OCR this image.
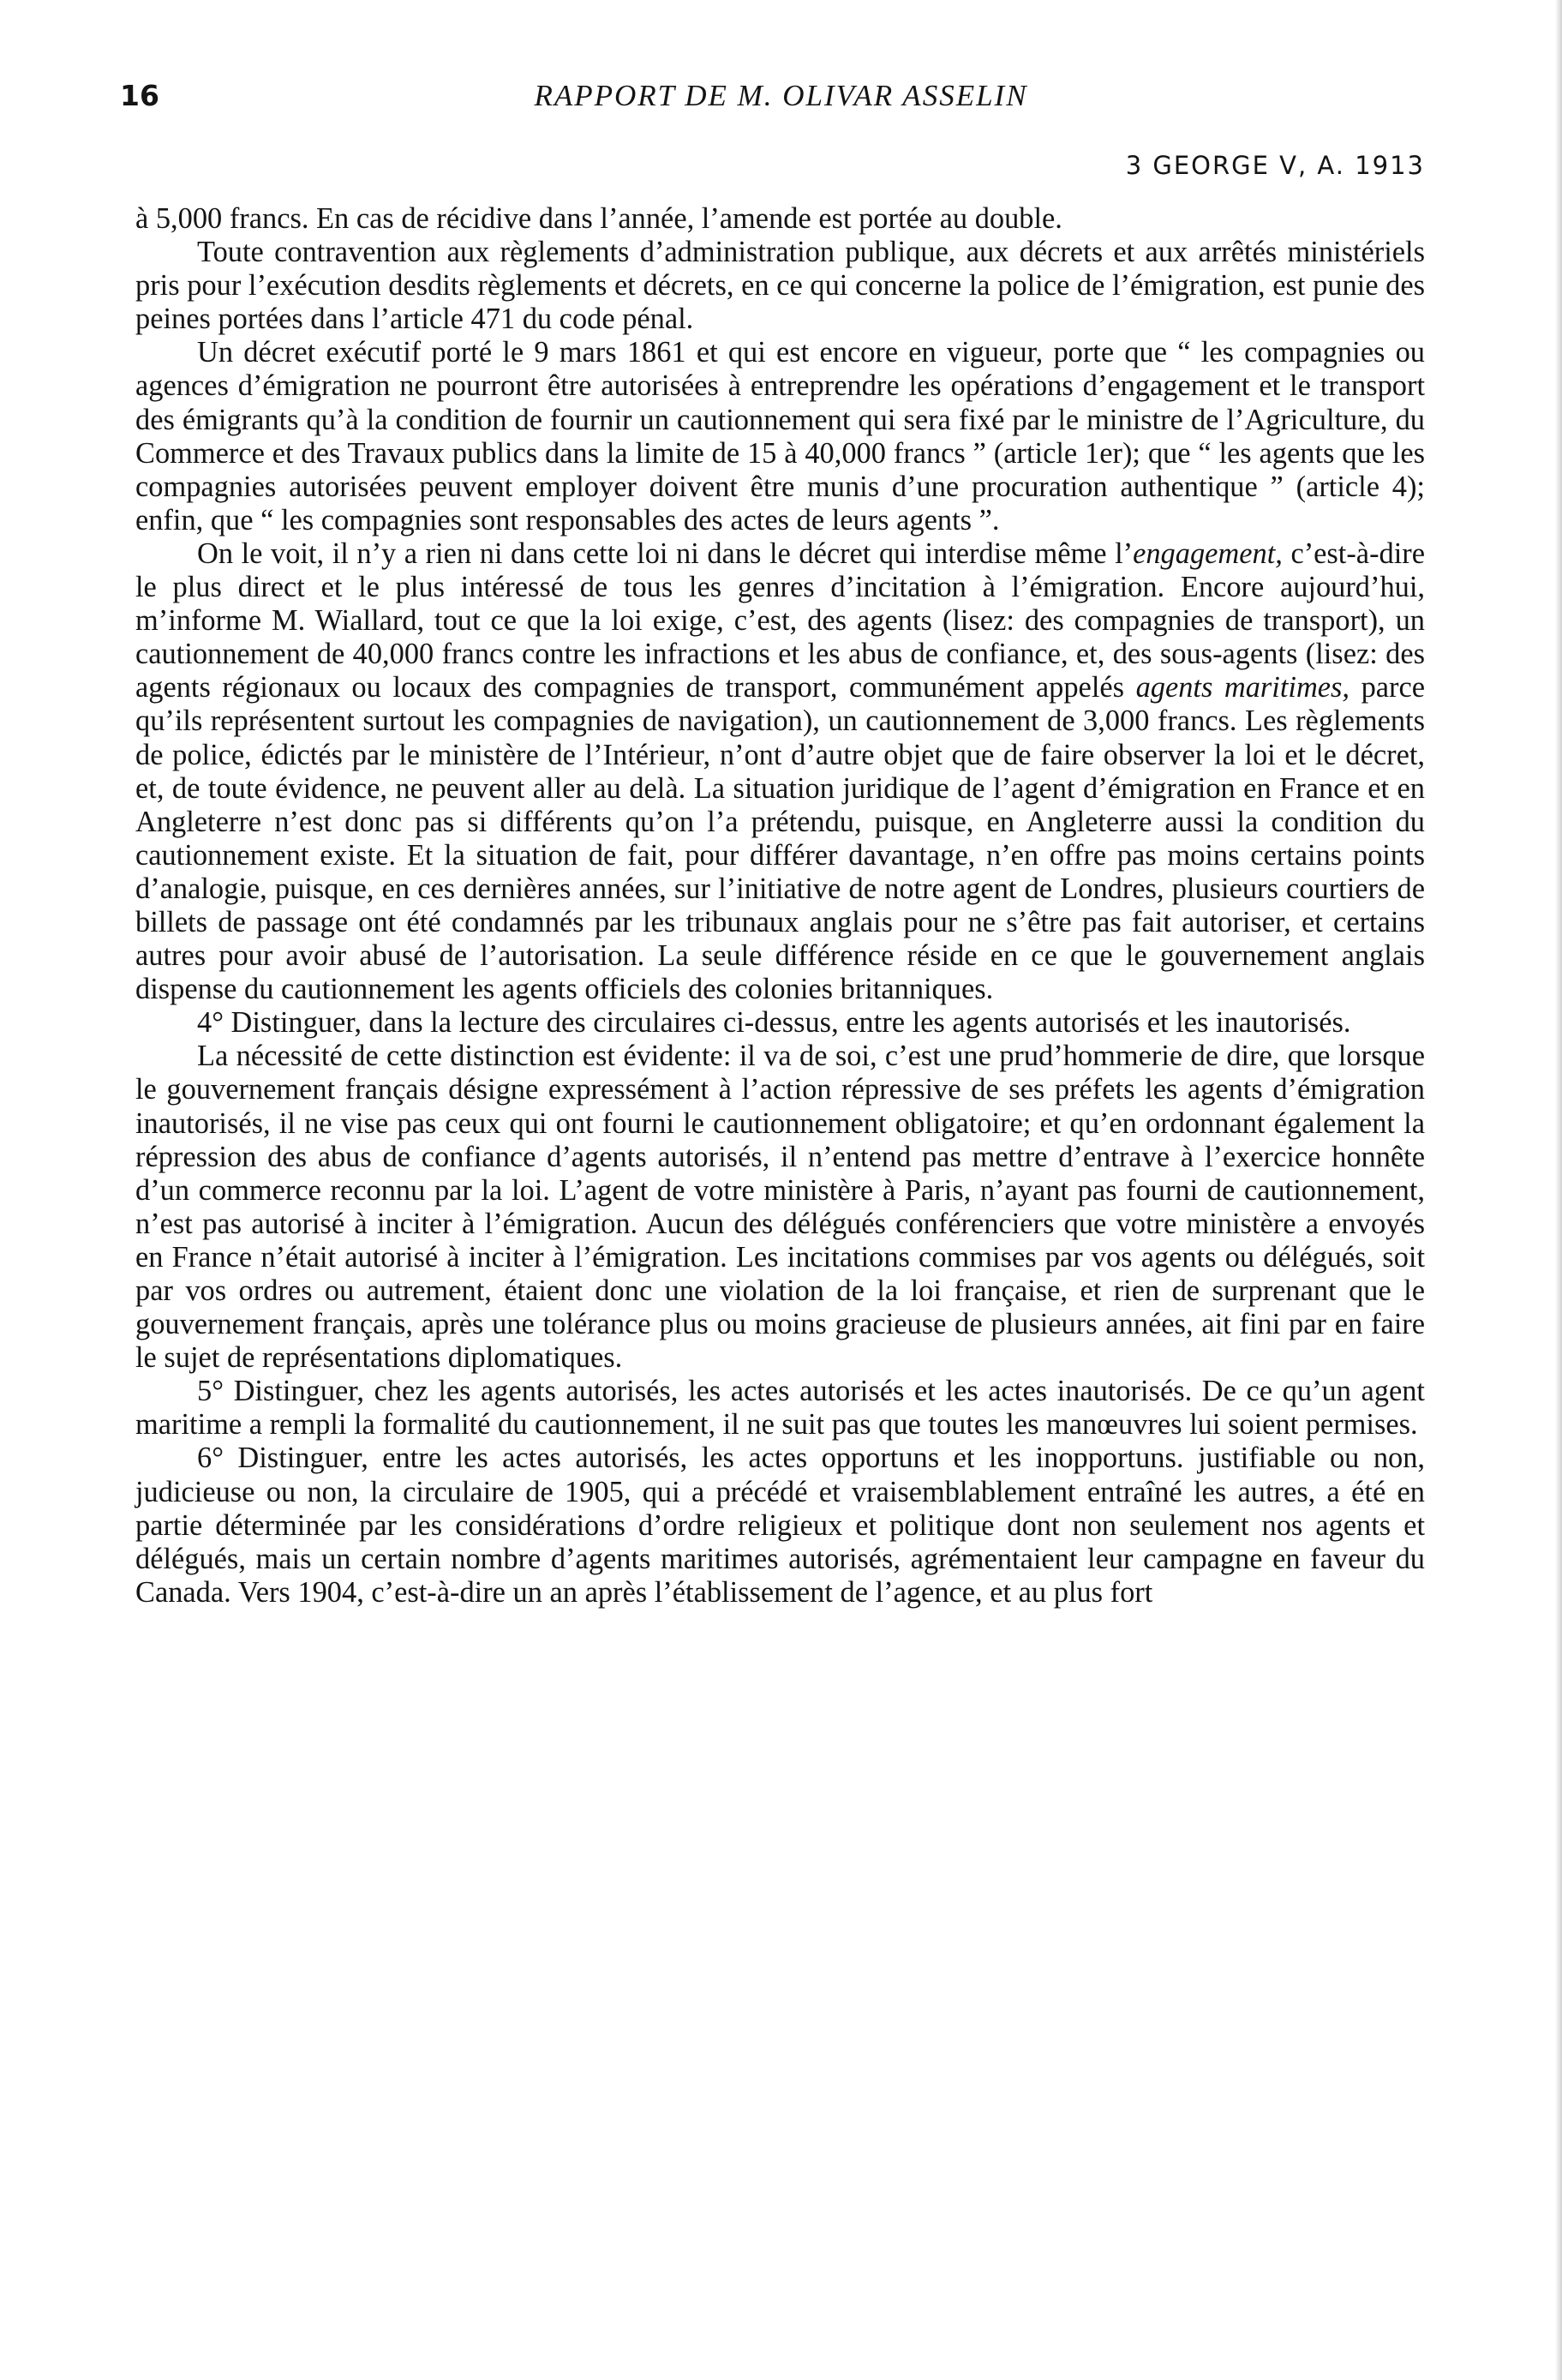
16	RAPPORT DE M. OLIVAR ASSELIN
3 GEORGE V, A. 1913

à 5,000 francs. En cas de récidive dans l’année, l’amende est portée au double.

Toute contravention aux règlements d’administration publique, aux décrets et aux arrêtés ministériels pris pour l’exécution desdits règlements et décrets, en ce qui concerne la police de l’émigration, est punie des peines portées dans l’article 471 du code pénal.

Un décret exécutif porté le 9 mars 1861 et qui est encore en vigueur, porte que “ les compagnies ou agences d’émigration ne pourront être autorisées à entreprendre les opérations d’engagement et le transport des émigrants qu’à la condition de fournir un cautionnement qui sera fixé par le ministre de l’Agriculture, du Commerce et des Travaux publics dans la limite de 15 à 40,000 francs ” (article 1er); que “ les agents que les compagnies autorisées peuvent employer doivent être munis d’une procuration authentique ” (article 4); enfin, que “ les compagnies sont responsables des actes de leurs agents ”.

On le voit, il n’y a rien ni dans cette loi ni dans le décret qui interdise même l’engagement, c’est-à-dire le plus direct et le plus intéressé de tous les genres d’incitation à l’émigration. Encore aujourd’hui, m’informe M. Wiallard, tout ce que la loi exige, c’est, des agents (lisez: des compagnies de transport), un cautionnement de 40,000 francs contre les infractions et les abus de confiance, et, des sous-agents (lisez: des agents régionaux ou locaux des compagnies de transport, communément appelés agents maritimes, parce qu’ils représentent surtout les compagnies de navigation), un cautionnement de 3,000 francs. Les règlements de police, édictés par le ministère de l’Intérieur, n’ont d’autre objet que de faire observer la loi et le décret, et, de toute évidence, ne peuvent aller au delà. La situation juridique de l’agent d’émigration en France et en Angleterre n’est donc pas si différents qu’on l’a prétendu, puisque, en Angleterre aussi la condition du cautionnement existe. Et la situation de fait, pour différer davantage, n’en offre pas moins certains points d’analogie, puisque, en ces dernières années, sur l’initiative de notre agent de Londres, plusieurs courtiers de billets de passage ont été condamnés par les tribunaux anglais pour ne s’être pas fait autoriser, et certains autres pour avoir abusé de l’autorisation. La seule différence réside en ce que le gouvernement anglais dispense du cautionnement les agents officiels des colonies britanniques.

4° Distinguer, dans la lecture des circulaires ci-dessus, entre les agents autorisés et les inautorisés.

La nécessité de cette distinction est évidente: il va de soi, c’est une prud’hommerie de dire, que lorsque le gouvernement français désigne expressément à l’action répressive de ses préfets les agents d’émigration inautorisés, il ne vise pas ceux qui ont fourni le cautionnement obligatoire; et qu’en ordonnant également la répression des abus de confiance d’agents autorisés, il n’entend pas mettre d’entrave à l’exercice honnête d’un commerce reconnu par la loi. L’agent de votre ministère à Paris, n’ayant pas fourni de cautionnement, n’est pas autorisé à inciter à l’émigration. Aucun des délégués conférenciers que votre ministère a envoyés en France n’était autorisé à inciter à l’émigration. Les incitations commises par vos agents ou délégués, soit par vos ordres ou autrement, étaient donc une violation de la loi française, et rien de surprenant que le gouvernement français, après une tolérance plus ou moins gracieuse de plusieurs années, ait fini par en faire le sujet de représentations diplomatiques.

5° Distinguer, chez les agents autorisés, les actes autorisés et les actes inautorisés. De ce qu’un agent maritime a rempli la formalité du cautionnement, il ne suit pas que toutes les manœuvres lui soient permises.

6° Distinguer, entre les actes autorisés, les actes opportuns et les inopportuns. justifiable ou non, judicieuse ou non, la circulaire de 1905, qui a précédé et vraisemblablement entraîné les autres, a été en partie déterminée par les considérations d’ordre religieux et politique dont non seulement nos agents et délégués, mais un certain nombre d’agents maritimes autorisés, agrémentaient leur campagne en faveur du Canada. Vers 1904, c’est-à-dire un an après l’établissement de l’agence, et au plus fort
